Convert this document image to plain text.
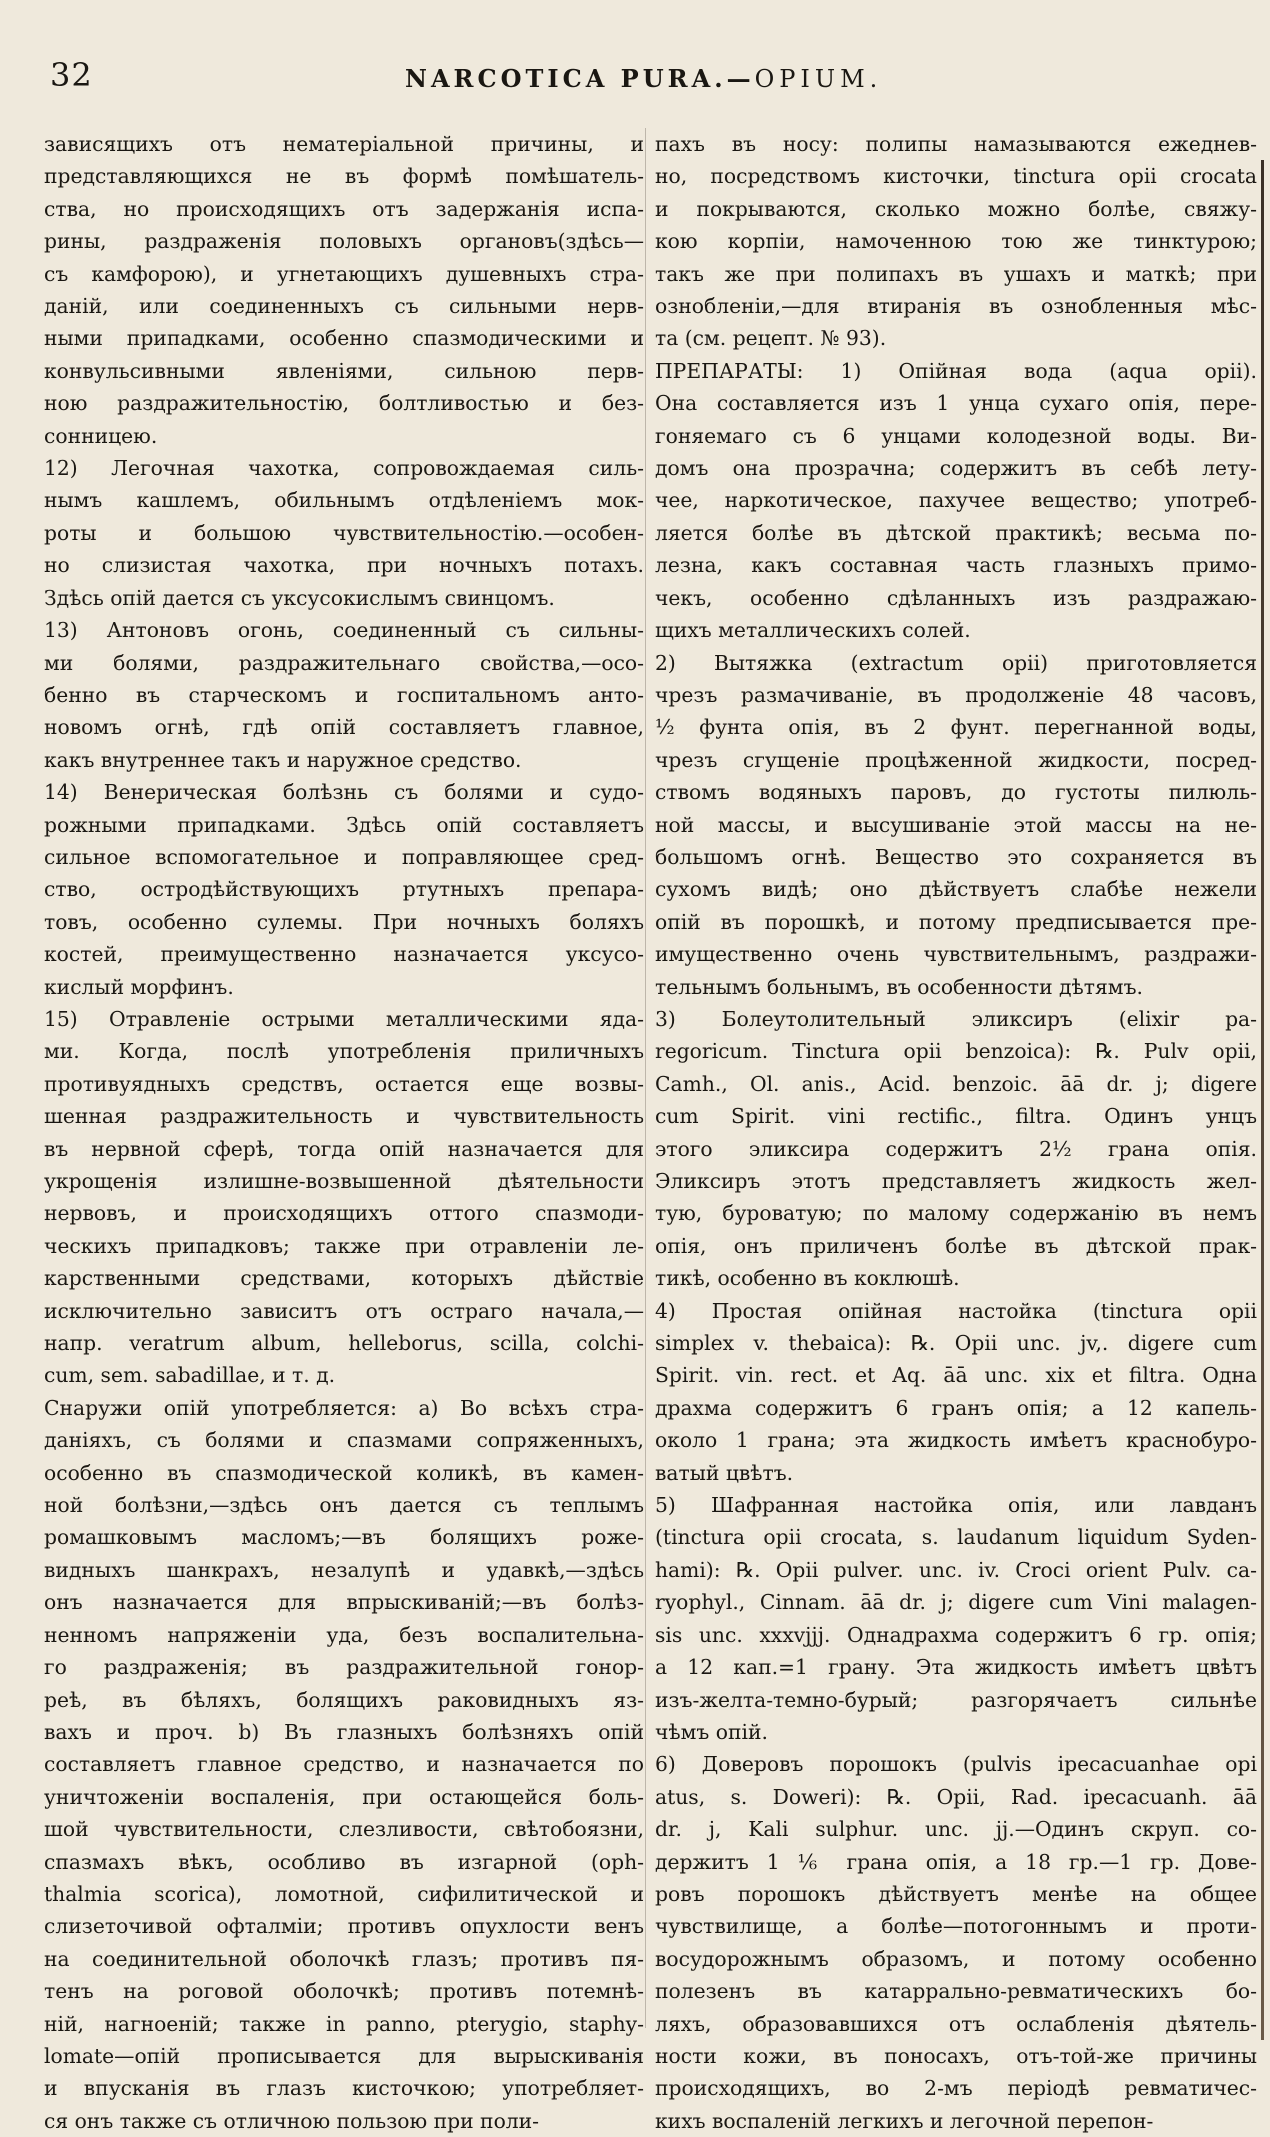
32	NARCOTICA PURA.—OPIUM.

зависящихъ отъ нематеріальной причины, и

представляющихся не въ формѣ помѣшатель-

ства, но происходящихъ отъ задержанія испа-

рины, раздраженія половыхъ органовъ(здѣсь—

съ камфорою), и угнетающихъ душевныхъ стра-

даній, или соединенныхъ съ сильными нерв-

ными припадками, особенно спазмодическими и

конвульсивными явленіями, сильною перв-

ною раздражительностію, болтливостью и без-

сонницею.

12) Легочная чахотка, сопровождаемая силь-

нымъ кашлемъ, обильнымъ отдѣленіемъ мок-

роты и большою чувствительностію.—особен-

но слизистая чахотка, при ночныхъ потахъ.

Здѣсь опій дается съ уксусокислымъ свинцомъ.

13) Антоновъ огонь, соединенный съ сильны-

ми болями, раздражительнаго свойства,—осо-

бенно въ старческомъ и госпитальномъ анто-

новомъ огнѣ, гдѣ опій составляетъ главное,

какъ внутреннее такъ и наружное средство.

14) Венерическая болѣзнь съ болями и судо-

рожными припадками. Здѣсь опій составляетъ

сильное вспомогательное и поправляющее сред-

ство, остродѣйствующихъ ртутныхъ препара-

товъ, особенно сулемы. При ночныхъ боляхъ

костей, преимущественно назначается уксусо-

кислый морфинъ.

15) Отравленіе острыми металлическими ядa-

ми. Когда, послѣ употребленія приличныхъ

противуядныхъ средствъ, остается еще возвы-

шенная раздражительность и чувствительность

въ нервной сферѣ, тогда опій назначается для

укрощенія излишне-возвышенной дѣятельности

нервовъ, и происходящихъ оттого спазмоди-

ческихъ припадковъ; также при отравленіи ле-

карственными средствами, которыхъ дѣйствіе

исключительно зависитъ отъ остраго начала,—

напр. veratrum album, helleborus, scilla, colchi-

cum, sem. sabadillae, и т. д.

Снаружи опій употребляется: a) Во всѣхъ стра-

даніяхъ, съ болями и спазмами сопряженныхъ,

особенно въ спазмодической коликѣ, въ камен-

ной болѣзни,—здѣсь онъ дается съ теплымъ

ромашковымъ масломъ;—въ болящихъ роже-

видныхъ шанкрахъ, незалупѣ и удавкѣ,—здѣсь

онъ назначается для впрыскиваній;—въ болѣз-

ненномъ напряженіи уда, безъ воспалительна-

го раздраженія; въ раздражительной гонор-

реѣ, въ бѣляхъ, болящихъ раковидныхъ яз-

вахъ и проч. b) Въ глазныхъ болѣзняхъ опій

составляетъ главное средство, и назначается по

уничтоженіи воспаленія, при остающейся боль-

шой чувствительности, слезливости, свѣтобоязни,

спазмахъ вѣкъ, особливо въ изгарной (oph-

thalmia scorica), ломотной, сифилитической и

слизеточивой офталміи; противъ опухлости венъ

на соединительной оболочкѣ глазъ; противъ пя-

тенъ на роговой оболочкѣ; противъ потемнѣ-

ній, нагноеній; также in panno, pterygio, staphy-

lomate—опій прописывается для вырыскиванія

и впусканія въ глазъ кисточкою; употребляет-

ся онъ также съ отличною пользою при поли-

пахъ въ носу: полипы намазываются ежеднев-

но, посредствомъ кисточки, tinctura opii crocata

и покрываются, сколько можно болѣе, свяжу-

кою корпіи, намоченною тою же тинктурою;

такъ же при полипахъ въ ушахъ и маткѣ; при

ознобленіи,—для втиранія въ ознобленныя мѣс-

та (см. рецепт. № 93).

ПРЕПАРАТЫ: 1) Опійная вода (aqua opii).

Она составляется изъ 1 унца сухаго опія, пере-

гоняемаго съ 6 унцами колодезной воды. Ви-

домъ она прозрачна; содержитъ въ себѣ лету-

чее, наркотическое, пахучее вещество; употреб-

ляется болѣе въ дѣтской практикѣ; весьма по-

лезна, какъ составная часть глазныхъ примо-

чекъ, особенно сдѣланныхъ изъ раздражаю-

щихъ металлическихъ солей.

2) Вытяжка (extractum opii) приготовляется

чрезъ размачиваніе, въ продолженіе 48 часовъ,

½ фунта опія, въ 2 фунт. перегнанной воды,

чрезъ сгущеніе процѣженной жидкости, посред-

ствомъ водяныхъ паровъ, до густоты пилюль-

ной массы, и высушиваніе этой массы на не-

большомъ огнѣ. Вещество это сохраняется въ

сухомъ видѣ; оно дѣйствуетъ слабѣе нежели

опій въ порошкѣ, и потому предписывается пре-

имущественно очень чувствительнымъ, раздражи-

тельнымъ больнымъ, въ особенности дѣтямъ.

3) Болеутолительный эликсиръ (elixir pa-

regoricum. Tinctura opii benzoica): ℞. Pulv opii,

Camh., Ol. anis., Acid. benzoic. āā dr. j; digere

cum Spirit. vini rectific., filtra. Одинъ унцъ

этого эликсира содержитъ 2½ грана опія.

Эликсиръ этотъ представляетъ жидкость жел-

тую, буроватую; по малому содержанію въ немъ

опія, онъ приличенъ болѣе въ дѣтской прак-

тикѣ, особенно въ коклюшѣ.

4) Простая опійная настойка (tinctura opii

simplex v. thebaica): ℞. Opii unc. jv,. digere cum

Spirit. vin. rect. et Aq. āā unc. xix et filtra. Одна

драхма содержитъ 6 гранъ опія; а 12 капель-

около 1 грана; эта жидкость имѣетъ краснобуро-

ватый цвѣтъ.

5) Шафранная настойка опія, или лавданъ

(tinctura opii crocata, s. laudanum liquidum Syden-

hami): ℞. Opii pulver. unc. iv. Croci orient Pulv. ca-

ryophyl., Cinnam. āā dr. j; digere cum Vini malagen-

sis unc. xxxvjjj. Однадрахма содержитъ 6 гр. опія;

а 12 кап.=1 грану. Эта жидкость имѣетъ цвѣтъ

изъ-желта-темно-бурый; разгорячаетъ сильнѣе

чѣмъ опій.

6) Доверовъ порошокъ (pulvis ipecacuanhae opi

atus, s. Doweri): ℞. Opii, Rad. ipecacuanh. āā

dr. j, Kali sulphur. unc. jj.—Одинъ скруп. со-

держитъ 1 ⅙ грана опія, а 18 гр.—1 гр. Дове-

ровъ порошокъ дѣйствуетъ менѣе на общее

чувствилище, а болѣе—потогоннымъ и проти-

восудорожнымъ образомъ, и потому особенно

полезенъ въ катаррально-ревматическихъ бо-

ляхъ, образовавшихся отъ ослабленія дѣятель-

ности кожи, въ поносахъ, отъ-той-же причины

происходящихъ, во 2-мъ періодѣ ревматичес-

кихъ воспаленій легкихъ и легочной перепон-
